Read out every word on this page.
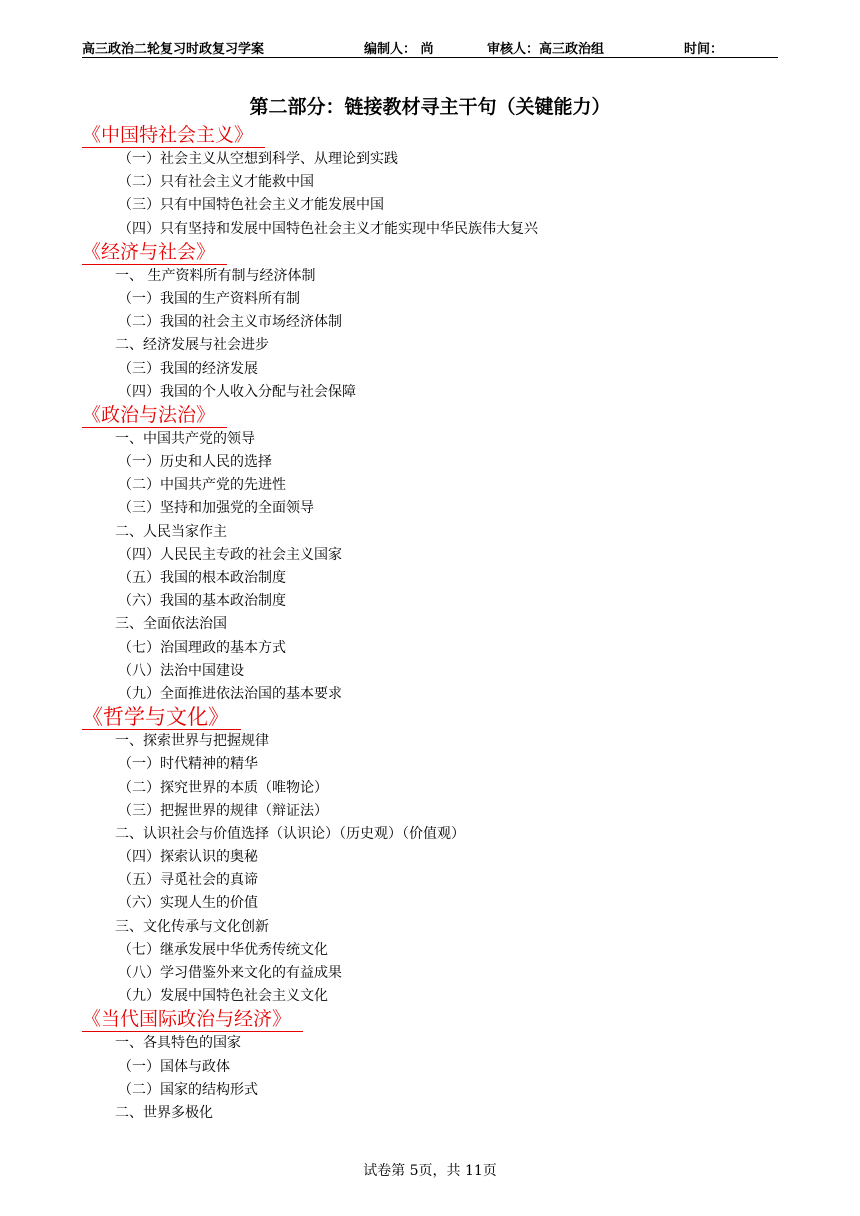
高三政治二轮复习时政复习学案	编制人： 尚	审核人：高三政治组	时间：
第二部分：链接教材寻主干句（关键能力）
《中国特社会主义》
（一）社会主义从空想到科学、从理论到实践
（二）只有社会主义才能救中国
（三）只有中国特色社会主义才能发展中国
（四）只有坚持和发展中国特色社会主义才能实现中华民族伟大复兴
《经济与社会》
一、 生产资料所有制与经济体制
（一）我国的生产资料所有制
（二）我国的社会主义市场经济体制
二、经济发展与社会进步
（三）我国的经济发展
（四）我国的个人收入分配与社会保障
《政治与法治》
一、中国共产党的领导
（一）历史和人民的选择
（二）中国共产党的先进性
（三）坚持和加强党的全面领导
二、人民当家作主
（四）人民民主专政的社会主义国家
（五）我国的根本政治制度
（六）我国的基本政治制度
三、全面依法治国
（七）治国理政的基本方式
（八）法治中国建设
（九）全面推进依法治国的基本要求
《哲学与文化》
一、探索世界与把握规律
（一）时代精神的精华
（二）探究世界的本质（唯物论）
（三）把握世界的规律（辩证法）
二、认识社会与价值选择（认识论）（历史观）（价值观）
（四）探索认识的奥秘
（五）寻觅社会的真谛
（六）实现人生的价值
三、文化传承与文化创新
（七）继承发展中华优秀传统文化
（八）学习借鉴外来文化的有益成果
（九）发展中国特色社会主义文化
《当代国际政治与经济》
一、各具特色的国家
（一）国体与政体
（二）国家的结构形式
二、世界多极化
试卷第 5页，共 11页
